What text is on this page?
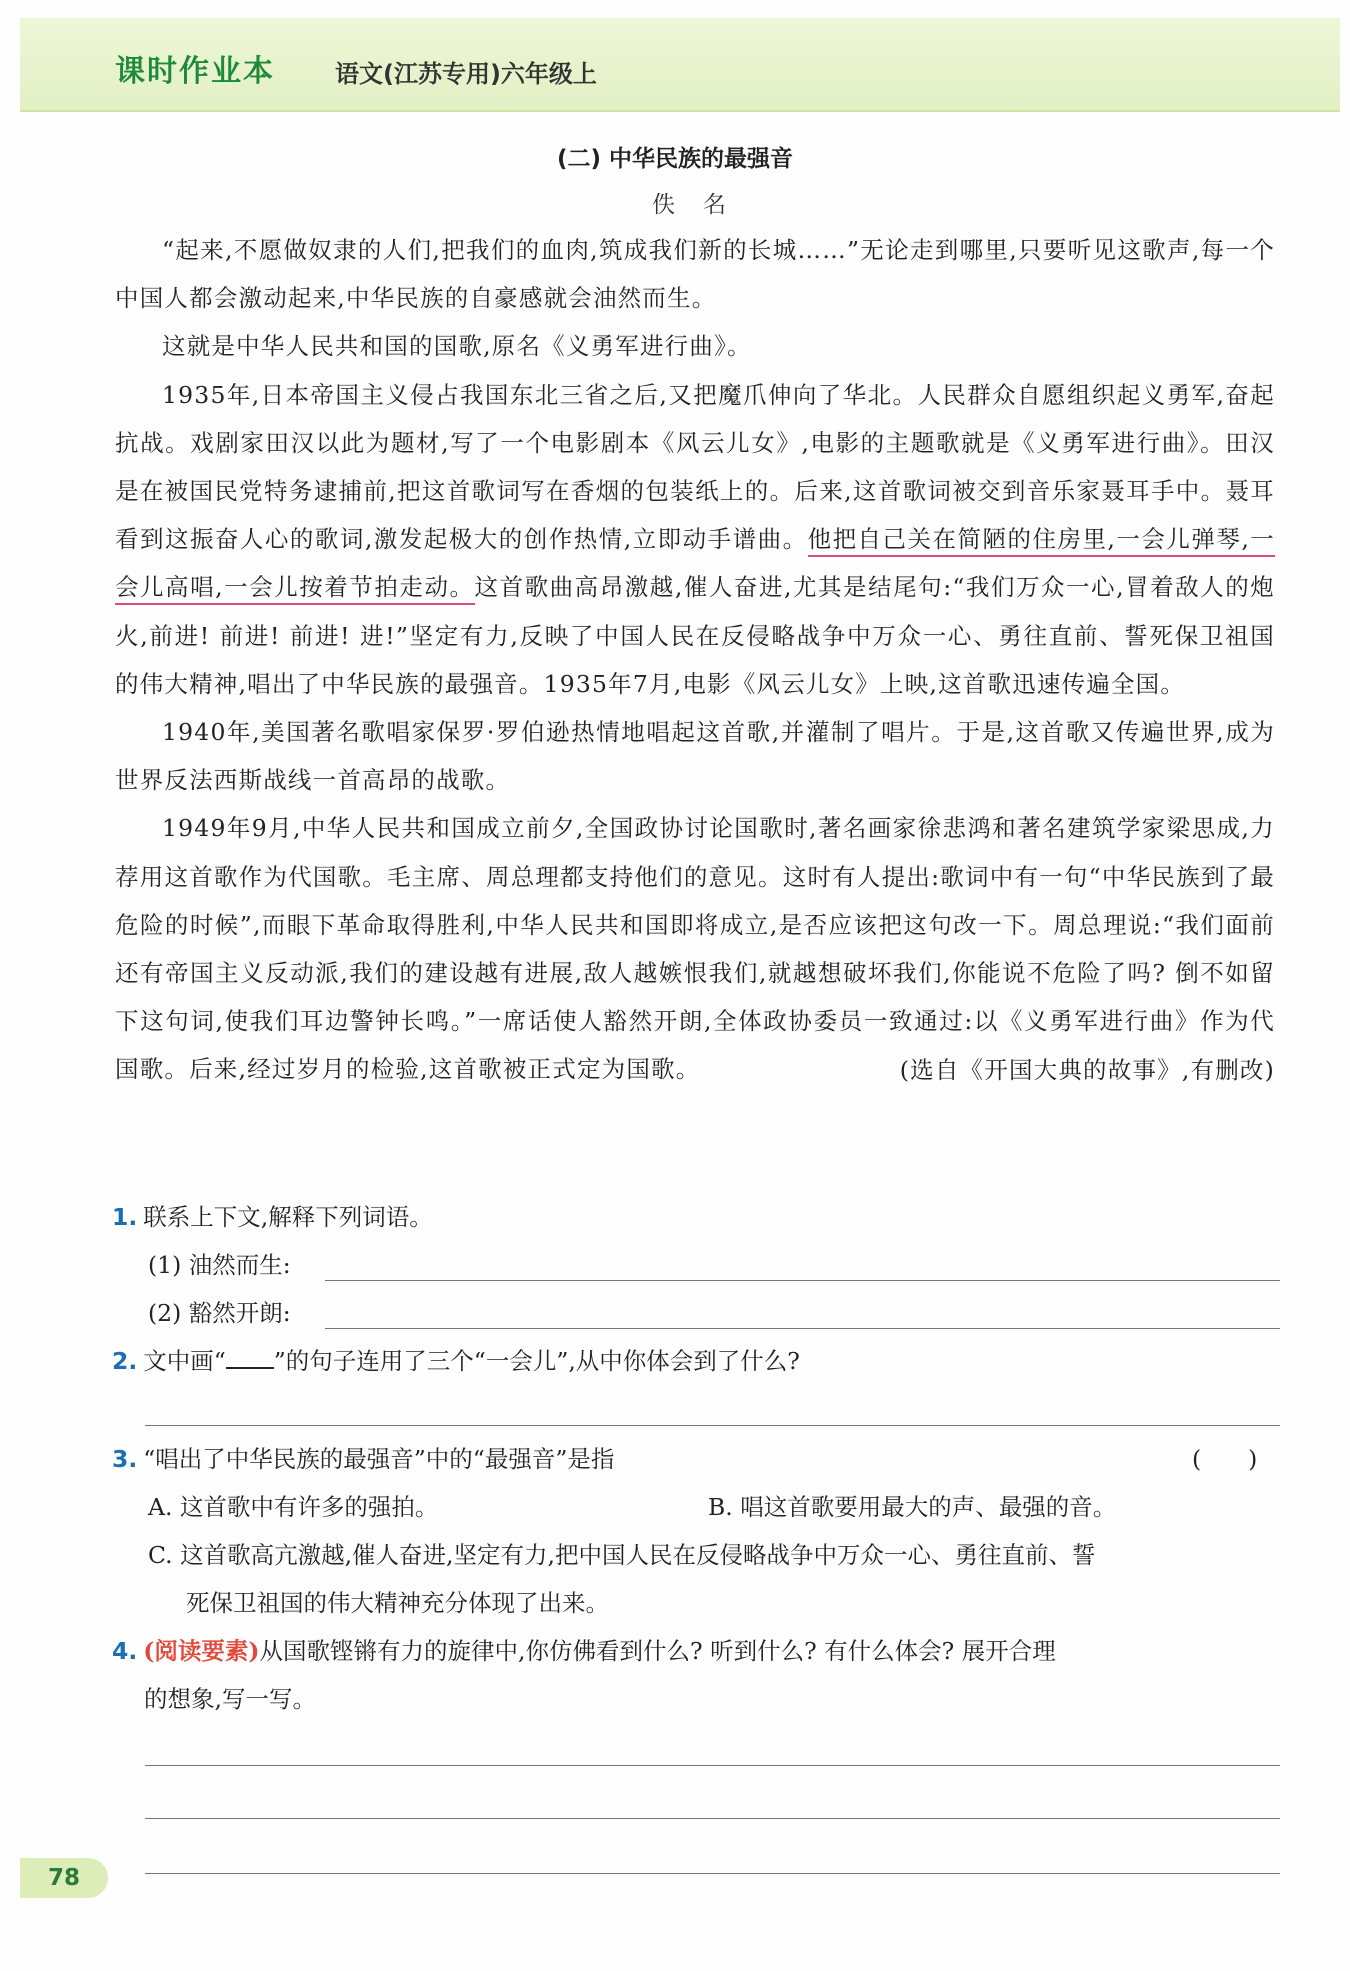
课时作业本	语文(江苏专用)六年级上
(二) 中华民族的最强音
佚名

“起来,不愿做奴隶的人们,把我们的血肉,筑成我们新的长城……”无论走到哪里,只要听见这歌声,每一个中国人都会激动起来,中华民族的自豪感就会油然而生。

这就是中华人民共和国的国歌,原名《义勇军进行曲》。

1935年,日本帝国主义侵占我国东北三省之后,又把魔爪伸向了华北。人民群众自愿组织起义勇军,奋起抗战。戏剧家田汉以此为题材,写了一个电影剧本《风云儿女》,电影的主题歌就是《义勇军进行曲》。田汉是在被国民党特务逮捕前,把这首歌词写在香烟的包装纸上的。后来,这首歌词被交到音乐家聂耳手中。聂耳看到这振奋人心的歌词,激发起极大的创作热情,立即动手谱曲。他把自己关在简陋的住房里,一会儿弹琴,一会儿高唱,一会儿按着节拍走动。这首歌曲高昂激越,催人奋进,尤其是结尾句:“我们万众一心,冒着敌人的炮火,前进! 前进! 前进! 进!”坚定有力,反映了中国人民在反侵略战争中万众一心、勇往直前、誓死保卫祖国的伟大精神,唱出了中华民族的最强音。1935年7月,电影《风云儿女》上映,这首歌迅速传遍全国。

1940年,美国著名歌唱家保罗·罗伯逊热情地唱起这首歌,并灌制了唱片。于是,这首歌又传遍世界,成为世界反法西斯战线一首高昂的战歌。

1949年9月,中华人民共和国成立前夕,全国政协讨论国歌时,著名画家徐悲鸿和著名建筑学家梁思成,力荐用这首歌作为代国歌。毛主席、周总理都支持他们的意见。这时有人提出:歌词中有一句“中华民族到了最危险的时候”,而眼下革命取得胜利,中华人民共和国即将成立,是否应该把这句改一下。周总理说:“我们面前还有帝国主义反动派,我们的建设越有进展,敌人越嫉恨我们,就越想破坏我们,你能说不危险了吗? 倒不如留下这句词,使我们耳边警钟长鸣。”一席话使人豁然开朗,全体政协委员一致通过:以《义勇军进行曲》作为代国歌。后来,经过岁月的检验,这首歌被正式定为国歌。	(选自《开国大典的故事》,有删改)
1. 联系上下文,解释下列词语。
(1) 油然而生:
(2) 豁然开朗:
2. 文中画“ ”的句子连用了三个“一会儿”,从中你体会到了什么?
3. “唱出了中华民族的最强音”中的“最强音”是指	(　　)
A. 这首歌中有许多的强拍。	B. 唱这首歌要用最大的声、最强的音。
C. 这首歌高亢激越,催人奋进,坚定有力,把中国人民在反侵略战争中万众一心、勇往直前、誓
死保卫祖国的伟大精神充分体现了出来。
4. (阅读要素)从国歌铿锵有力的旋律中,你仿佛看到什么? 听到什么? 有什么体会? 展开合理
的想象,写一写。
78
